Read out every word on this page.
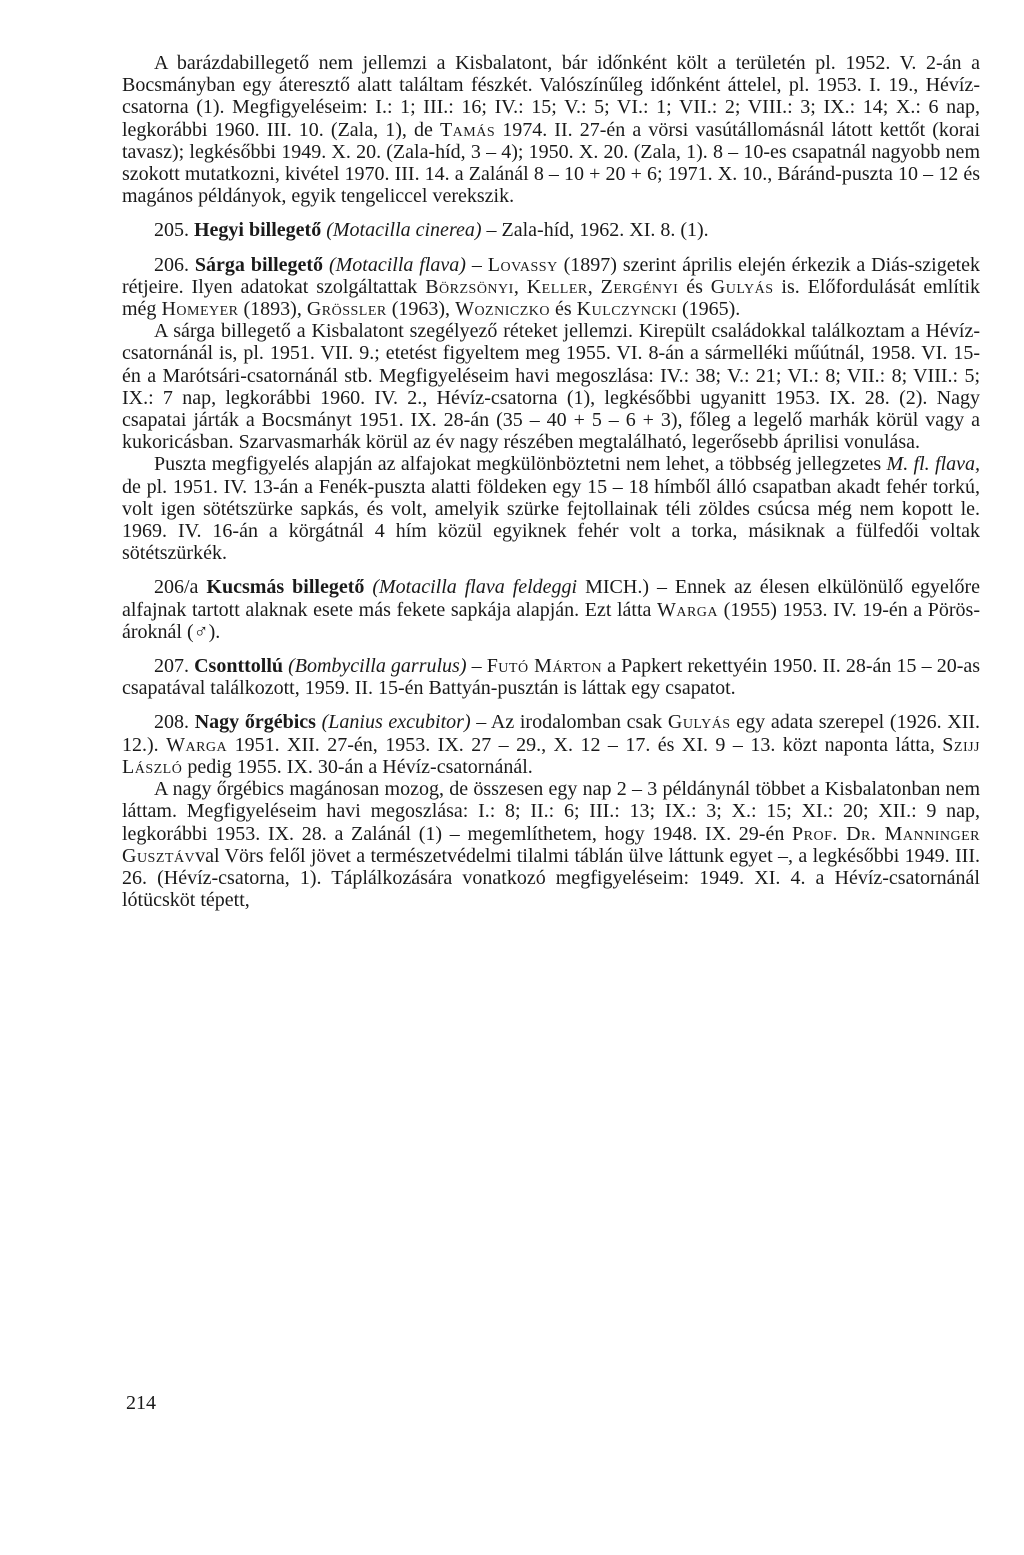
A barázdabillegető nem jellemzi a Kisbalatont, bár időnként költ a területén pl. 1952. V. 2-án a Bocsmányban egy áteresztő alatt találtam fészkét. Valószínűleg időnként áttelel, pl. 1953. I. 19., Hévíz-csatorna (1). Megfigyeléseim: I.: 1; III.: 16; IV.: 15; V.: 5; VI.: 1; VII.: 2; VIII.: 3; IX.: 14; X.: 6 nap, legkorábbi 1960. III. 10. (Zala, 1), de Tamás 1974. II. 27-én a vörsi vasútállomásnál látott kettőt (korai tavasz); legkésőbbi 1949. X. 20. (Zala-híd, 3 – 4); 1950. X. 20. (Zala, 1). 8 – 10-es csapatnál nagyobb nem szokott mutatkozni, kivétel 1970. III. 14. a Zalánál 8 – 10 + 20 + 6; 1971. X. 10., Báránd-puszta 10 – 12 és magános példányok, egyik tengeliccel verekszik.

205. Hegyi billegető (Motacilla cinerea) – Zala-híd, 1962. XI. 8. (1).

206. Sárga billegető (Motacilla flava) – Lovassy (1897) szerint április elején érkezik a Diás-szigetek rétjeire. Ilyen adatokat szolgáltattak Börzsönyi, Keller, Zergényi és Gulyás is. Előfordulását említik még Homeyer (1893), Grössler (1963), Wozniczko és Kulczyncki (1965).

A sárga billegető a Kisbalatont szegélyező réteket jellemzi. Kirepült családokkal találkoztam a Hévíz-csatornánál is, pl. 1951. VII. 9.; etetést figyeltem meg 1955. VI. 8-án a sármelléki műútnál, 1958. VI. 15-én a Marótsári-csatornánál stb. Megfigyeléseim havi megoszlása: IV.: 38; V.: 21; VI.: 8; VII.: 8; VIII.: 5; IX.: 7 nap, legkorábbi 1960. IV. 2., Hévíz-csatorna (1), legkésőbbi ugyanitt 1953. IX. 28. (2). Nagy csapatai járták a Bocsmányt 1951. IX. 28-án (35 – 40 + 5 – 6 + 3), főleg a legelő marhák körül vagy a kukoricásban. Szarvasmarhák körül az év nagy részében megtalálható, legerősebb áprilisi vonulása.

Puszta megfigyelés alapján az alfajokat megkülönböztetni nem lehet, a többség jellegzetes M. fl. flava, de pl. 1951. IV. 13-án a Fenék-puszta alatti földeken egy 15 – 18 hímből álló csapatban akadt fehér torkú, volt igen sötétszürke sapkás, és volt, amelyik szürke fejtollainak téli zöldes csúcsa még nem kopott le. 1969. IV. 16-án a körgátnál 4 hím közül egyiknek fehér volt a torka, másiknak a fülfedői voltak sötétszürkék.

206/a Kucsmás billegető (Motacilla flava feldeggi MICH.) – Ennek az élesen elkülönülő egyelőre alfajnak tartott alaknak esete más fekete sapkája alapján. Ezt látta Warga (1955) 1953. IV. 19-én a Pörös-ároknál (♂).

207. Csonttollú (Bombycilla garrulus) – Futó Márton a Papkert rekettyéin 1950. II. 28-án 15 – 20-as csapatával találkozott, 1959. II. 15-én Battyán-pusztán is láttak egy csapatot.

208. Nagy őrgébics (Lanius excubitor) – Az irodalomban csak Gulyás egy adata szerepel (1926. XII. 12.). Warga 1951. XII. 27-én, 1953. IX. 27 – 29., X. 12 – 17. és XI. 9 – 13. közt naponta látta, Szijj László pedig 1955. IX. 30-án a Hévíz-csatornánál.

A nagy őrgébics magánosan mozog, de összesen egy nap 2 – 3 példánynál többet a Kisbalatonban nem láttam. Megfigyeléseim havi megoszlása: I.: 8; II.: 6; III.: 13; IX.: 3; X.: 15; XI.: 20; XII.: 9 nap, legkorábbi 1953. IX. 28. a Zalánál (1) – megemlíthetem, hogy 1948. IX. 29-én Prof. Dr. Manninger Gusztávval Vörs felől jövet a természetvédelmi tilalmi táblán ülve láttunk egyet –, a legkésőbbi 1949. III. 26. (Hévíz-csatorna, 1). Táplálkozására vonatkozó megfigyeléseim: 1949. XI. 4. a Hévíz-csatornánál lótücsköt tépett,

214
